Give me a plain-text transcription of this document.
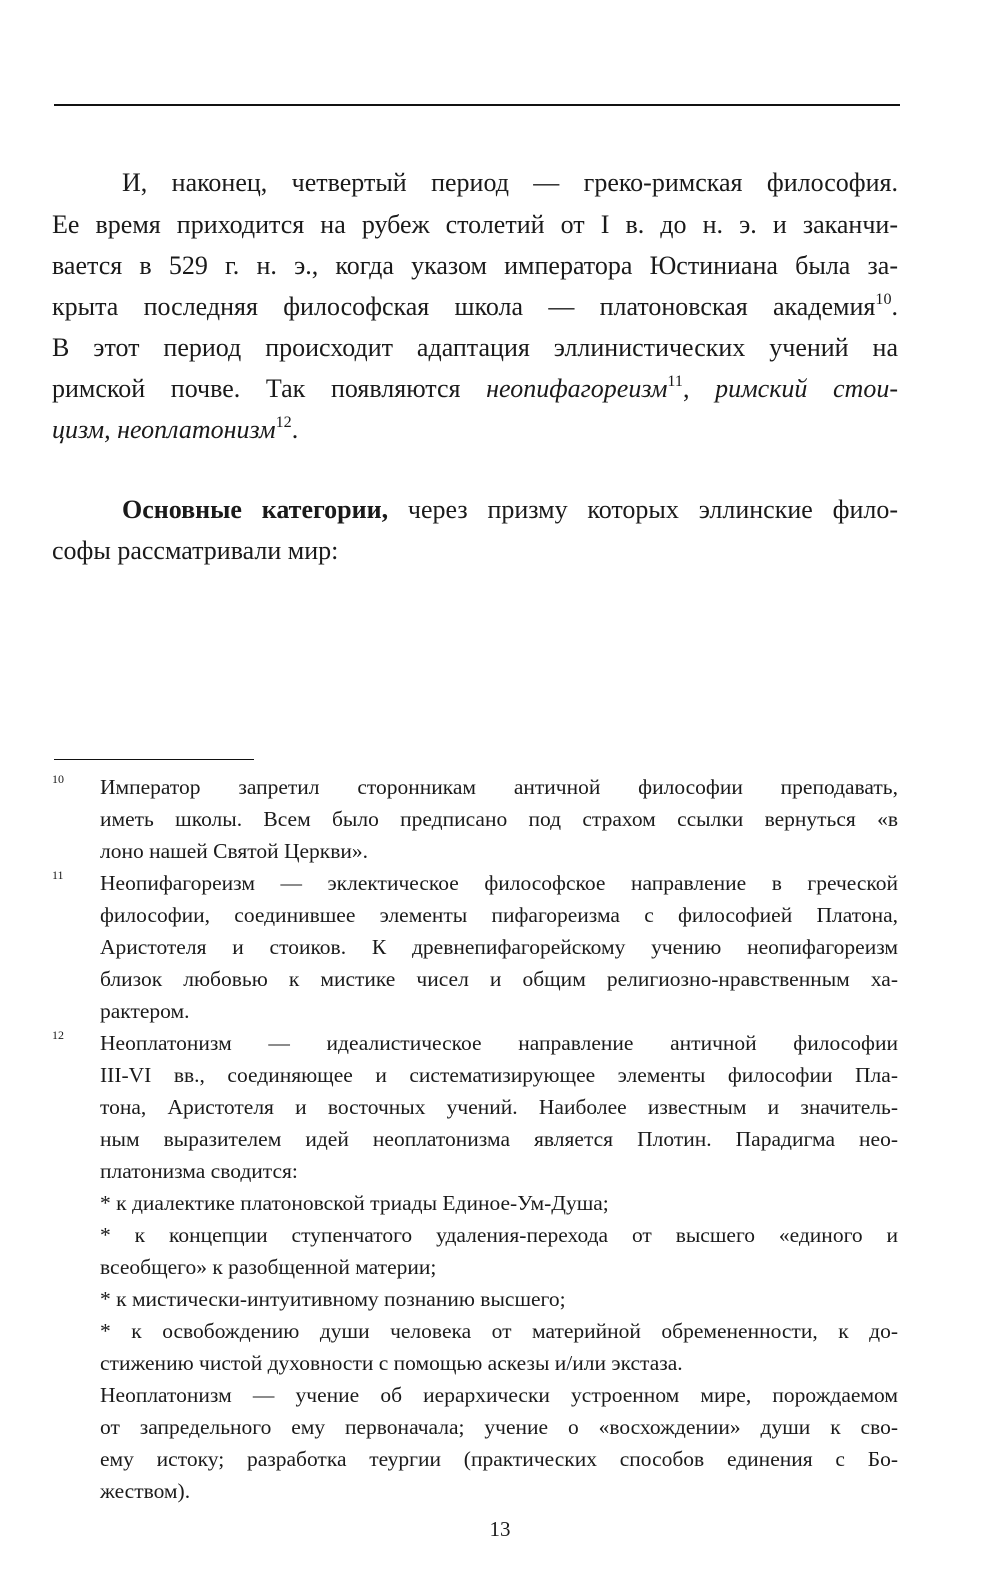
И, наконец, четвертый период — греко-римская философия.

Ее время приходится на рубеж столетий от I в. до н. э. и заканчи-

вается в 529 г. н. э., когда указом императора Юстиниана была за-

крыта последняя философская школа — платоновская академия$^{10}$.

В этот период происходит адаптация эллинистических учений на

римской почве. Так появляются неопифагореизм$^{11}$, римский стои-

цизм, неоплатонизм$^{12}$.

Основные категории, через призму которых эллинские фило-

софы рассматривали мир:

10 Император запретил сторонникам античной философии преподавать,

иметь школы. Всем было предписано под страхом ссылки вернуться «в

лоно нашей Святой Церкви».

11 Неопифагореизм — эклектическое философское направление в греческой

философии, соединившее элементы пифагореизма с философией Платона,

Аристотеля и стоиков. К древнепифагорейскому учению неопифагореизм

близок любовью к мистике чисел и общим религиозно-нравственным ха-

рактером.

12 Неоплатонизм — идеалистическое направление античной философии

III-VI вв., соединяющее и систематизирующее элементы философии Пла-

тона, Аристотеля и восточных учений. Наиболее известным и значитель-

ным выразителем идей неоплатонизма является Плотин. Парадигма нео-

платонизма сводится:

* к диалектике платоновской триады Единое-Ум-Душа;

* к концепции ступенчатого удаления-перехода от высшего «единого и

всеобщего» к разобщенной материи;

* к мистически-интуитивному познанию высшего;

* к освобождению души человека от материйной обремененности, к до-

стижению чистой духовности с помощью аскезы и/или экстаза.

Неоплатонизм — учение об иерархически устроенном мире, порождаемом

от запредельного ему первоначала; учение о «восхождении» души к сво-

ему истоку; разработка теургии (практических способов единения с Бо-

жеством).

13
